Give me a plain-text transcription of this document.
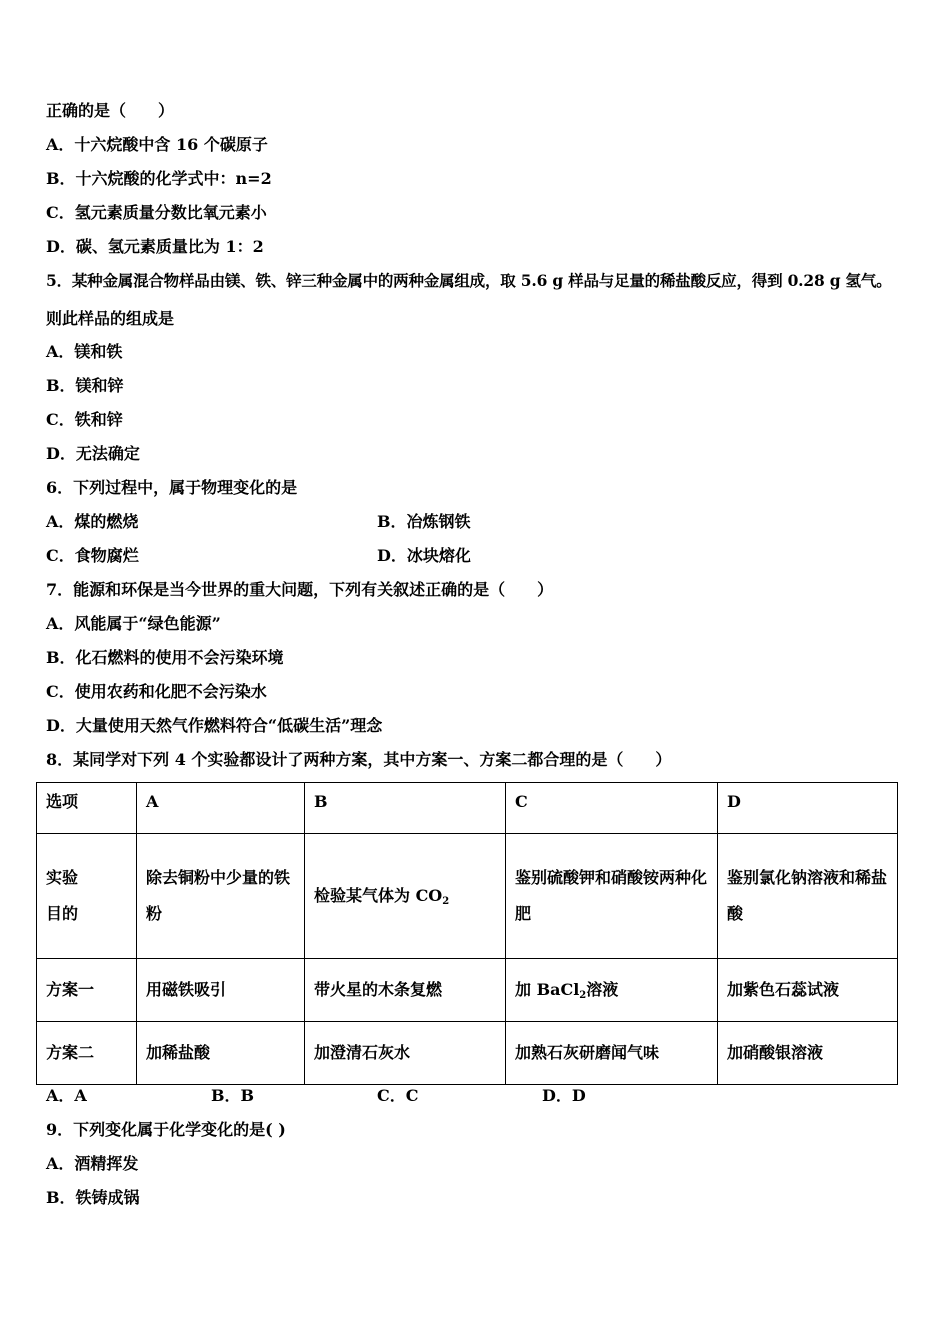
正确的是（　　）
A．十六烷酸中含 16 个碳原子
B．十六烷酸的化学式中：n=2
C．氢元素质量分数比氧元素小
D．碳、氢元素质量比为 1：2
5．某种金属混合物样品由镁、铁、锌三种金属中的两种金属组成，取 5.6 g 样品与足量的稀盐酸反应，得到 0.28 g 氢气。
则此样品的组成是
A．镁和铁
B．镁和锌
C．铁和锌
D．无法确定
6．下列过程中，属于物理变化的是
A．煤的燃烧	B．冶炼钢铁
C．食物腐烂	D．冰块熔化
7．能源和环保是当今世界的重大问题，下列有关叙述正确的是（　　）
A．风能属于“绿色能源”
B．化石燃料的使用不会污染环境
C．使用农药和化肥不会污染水
D．大量使用天然气作燃料符合“低碳生活”理念
8．某同学对下列 4 个实验都设计了两种方案，其中方案一、方案二都合理的是（　　）
选项	A	B	C	D
实验
目的	除去铜粉中少量的铁粉	检验某气体为 $CO_2$	鉴别硫酸钾和硝酸铵两种化肥	鉴别氯化钠溶液和稀盐酸
方案一	用磁铁吸引	带火星的木条复燃	加 BaCl$_2$溶液	加紫色石蕊试液
方案二	加稀盐酸	加澄清石灰水	加熟石灰研磨闻气味	加硝酸银溶液
A．A	B．B	C．C	D．D
9．下列变化属于化学变化的是( )
A．酒精挥发
B．铁铸成锅
